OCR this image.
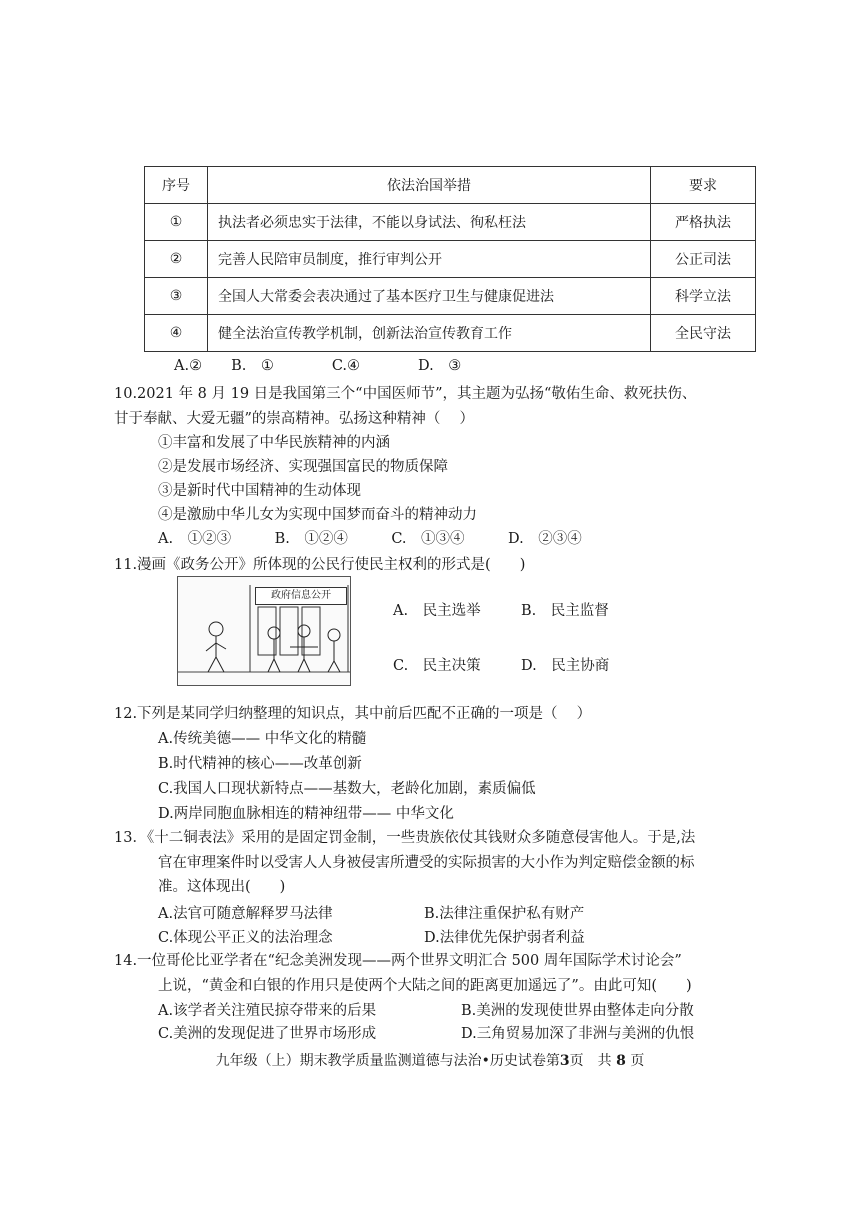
序号	依法治国举措	要求
①	执法者必须忠实于法律，不能以身试法、徇私枉法	严格执法
②	完善人民陪审员制度，推行审判公开	公正司法
③	全国人大常委会表决通过了基本医疗卫生与健康促进法	科学立法
④	健全法治宣传教学机制，创新法治宣传教育工作	全民守法
A.②　　B.　①　　　　C.④　　　　D.　③
10.2021 年 8 月 19 日是我国第三个“中国医师节”，其主题为弘扬“敬佑生命、救死扶伤、
甘于奉献、大爱无疆”的崇高精神。弘扬这种精神（　 ）
①丰富和发展了中华民族精神的内涵
②是发展市场经济、实现强国富民的物质保障
③是新时代中国精神的生动体现
④是激励中华儿女为实现中国梦而奋斗的精神动力
A.　①②③　　　B.　①②④　　　C.　①③④　　　D.　②③④
11.漫画《政务公开》所体现的公民行使民主权利的形式是(　　)
政府信息公开
A.　民主选举	B.　民主监督
C.　民主决策	D.　民主协商
12.下列是某同学归纳整理的知识点，其中前后匹配不正确的一项是（　 ）
A.传统美德—— 中华文化的精髓
B.时代精神的核心——改革创新
C.我国人口现状新特点——基数大，老龄化加剧，素质偏低
D.两岸同胞血脉相连的精神纽带—— 中华文化
13．《十二铜表法》采用的是固定罚金制，一些贵族依仗其钱财众多随意侵害他人。于是,法
官在审理案件时以受害人人身被侵害所遭受的实际损害的大小作为判定赔偿金额的标
准。这体现出(　　)
A.法官可随意解释罗马法律	B.法律注重保护私有财产
C.体现公平正义的法治理念	D.法律优先保护弱者利益
14.一位哥伦比亚学者在“纪念美洲发现——两个世界文明汇合 500 周年国际学术讨论会”
上说，“黄金和白银的作用只是使两个大陆之间的距离更加遥远了”。由此可知(　　)
A.该学者关注殖民掠夺带来的后果	B.美洲的发现使世界由整体走向分散
C.美洲的发现促进了世界市场形成	D.三角贸易加深了非洲与美洲的仇恨
九年级（上）期末教学质量监测道德与法治•历史试卷第3页　共 8 页
